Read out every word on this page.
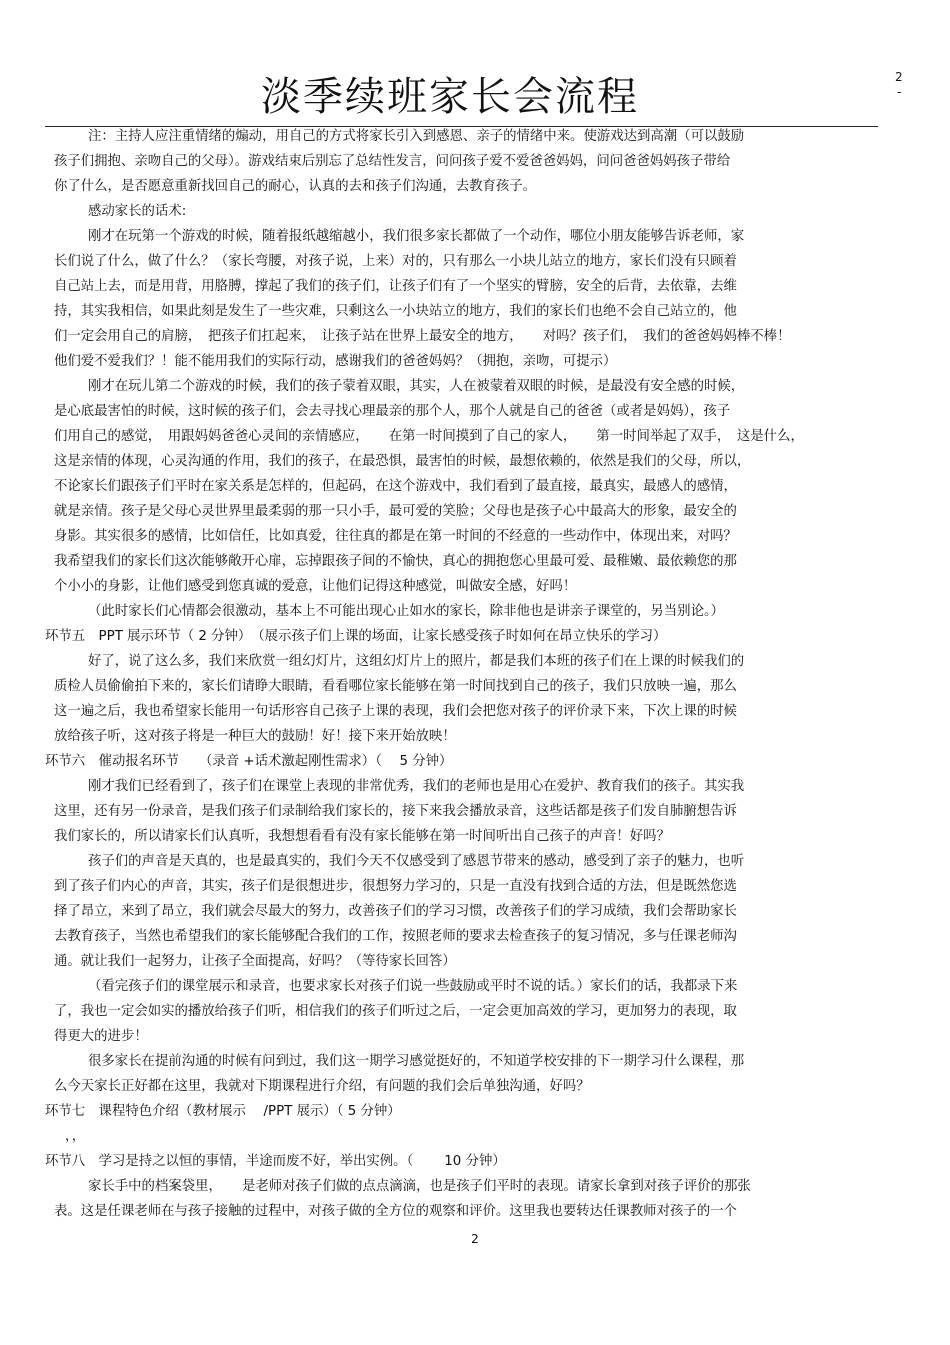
淡季续班家长会流程	2
-

注：主持人应注重情绪的煽动，用自己的方式将家长引入到感恩、亲子的情绪中来。使游戏达到高潮（可以鼓励
孩子们拥抱、亲吻自己的父母）。游戏结束后别忘了总结性发言，问问孩子爱不爱爸爸妈妈，问问爸爸妈妈孩子带给
你了什么，是否愿意重新找回自己的耐心，认真的去和孩子们沟通，去教育孩子。

感动家长的话术:

刚才在玩第一个游戏的时候，随着报纸越缩越小，我们很多家长都做了一个动作，哪位小朋友能够告诉老师，家
长们说了什么，做了什么？（家长弯腰，对孩子说，上来）对的，只有那么一小块儿站立的地方，家长们没有只顾着
自己站上去，而是用背，用胳膊，撑起了我们的孩子们，让孩子们有了一个坚实的臂膀，安全的后背，去依靠，去维
持，其实我相信，如果此刻是发生了一些灾难，只剩这么一小块站立的地方，我们的家长们也绝不会自己站立的，他
们一定会用自己的肩膀，　把孩子们扛起来，　让孩子站在世界上最安全的地方，　　对吗？孩子们，　我们的爸爸妈妈棒不棒！
他们爱不爱我们？！能不能用我们的实际行动，感谢我们的爸爸妈妈？（拥抱，亲吻，可提示）

刚才在玩儿第二个游戏的时候，我们的孩子蒙着双眼，其实，人在被蒙着双眼的时候，是最没有安全感的时候，
是心底最害怕的时候，这时候的孩子们，会去寻找心理最亲的那个人，那个人就是自己的爸爸（或者是妈妈），孩子
们用自己的感觉，　用跟妈妈爸爸心灵间的亲情感应，　　在第一时间摸到了自己的家人，　　第一时间举起了双手，　这是什么，
这是亲情的体现，心灵沟通的作用，我们的孩子，在最恐惧，最害怕的时候，最想依赖的，依然是我们的父母，所以，
不论家长们跟孩子们平时在家关系是怎样的，但起码，在这个游戏中，我们看到了最直接，最真实，最感人的感情，
就是亲情。孩子是父母心灵世界里最柔弱的那一只小手，最可爱的笑脸；父母也是孩子心中最高大的形象，最安全的
身影。其实很多的感情，比如信任，比如真爱，往往真的都是在第一时间的不经意的一些动作中，体现出来，对吗？
我希望我们的家长们这次能够敞开心扉，忘掉跟孩子间的不愉快，真心的拥抱您心里最可爱、最稚嫩、最依赖您的那
个小小的身影，让他们感受到您真诚的爱意，让他们记得这种感觉，叫做安全感，好吗！

（此时家长们心情都会很激动，基本上不可能出现心止如水的家长，除非他也是讲亲子课堂的，另当别论。）

环节五　PPT 展示环节（ 2 分钟）　（展示孩子们上课的场面，让家长感受孩子时如何在昂立快乐的学习）

好了，说了这么多，我们来欣赏一组幻灯片，这组幻灯片上的照片，都是我们本班的孩子们在上课的时候我们的
质检人员偷偷拍下来的，家长们请睁大眼睛，看看哪位家长能够在第一时间找到自己的孩子，我们只放映一遍，那么
这一遍之后，我也希望家长能用一句话形容自己孩子上课的表现，我们会把您对孩子的评价录下来，下次上课的时候
放给孩子听，这对孩子将是一种巨大的鼓励！好！接下来开始放映！

环节六　催动报名环节　　（录音 +话术激起刚性需求）（　 5 分钟）

刚才我们已经看到了，孩子们在课堂上表现的非常优秀，我们的老师也是用心在爱护、教育我们的孩子。其实我
这里，还有另一份录音，是我们孩子们录制给我们家长的，接下来我会播放录音，这些话都是孩子们发自肺腑想告诉
我们家长的，所以请家长们认真听，我想想看看有没有家长能够在第一时间听出自己孩子的声音！好吗？

孩子们的声音是天真的，也是最真实的，我们今天不仅感受到了感恩节带来的感动，感受到了亲子的魅力，也听
到了孩子们内心的声音，其实，孩子们是很想进步，很想努力学习的，只是一直没有找到合适的方法，但是既然您选
择了昂立，来到了昂立，我们就会尽最大的努力，改善孩子们的学习习惯，改善孩子们的学习成绩，我们会帮助家长
去教育孩子，当然也希望我们的家长能够配合我们的工作，按照老师的要求去检查孩子的复习情况，多与任课老师沟
通。就让我们一起努力，让孩子全面提高，好吗？（等待家长回答）

（看完孩子们的课堂展示和录音，也要求家长对孩子们说一些鼓励或平时不说的话。）家长们的话，我都录下来
了，我也一定会如实的播放给孩子们听，相信我们的孩子们听过之后，一定会更加高效的学习，更加努力的表现，取
得更大的进步！

很多家长在提前沟通的时候有问到过，我们这一期学习感觉挺好的，不知道学校安排的下一期学习什么课程，那
么今天家长正好都在这里，我就对下期课程进行介绍，有问题的我们会后单独沟通，好吗？

环节七　课程特色介绍（教材展示　 /PPT 展示）（ 5 分钟）

，，

环节八　学习是持之以恒的事情，半途而废不好，举出实例。（　　 10 分钟）

家长手中的档案袋里，　　是老师对孩子们做的点点滴滴，也是孩子们平时的表现。请家长拿到对孩子评价的那张
表。这是任课老师在与孩子接触的过程中，对孩子做的全方位的观察和评价。这里我也要转达任课教师对孩子的一个

2
